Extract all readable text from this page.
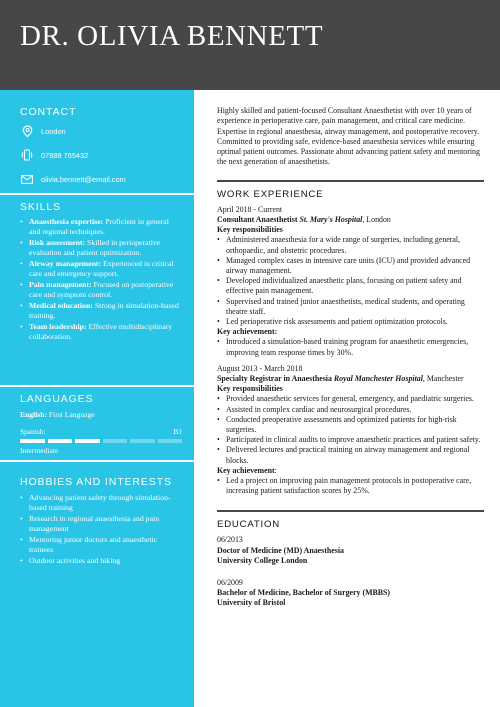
DR. OLIVIA BENNETT
CONTACT
London
07888 765432
olivia.bennett@email.com
SKILLS
• Anaesthesia expertise: Proficient in general and regional techniques.
• Risk assessment: Skilled in perioperative evaluation and patient optimization.
• Airway management: Experienced in critical care and emergency support.
• Pain management: Focused on postoperative care and symptom control.
• Medical education: Strong in simulation-based training.
• Team leadership: Effective multidisciplinary collaboration.
LANGUAGES
English: First Language
Spanish:	B1
Intermediate
HOBBIES AND INTERESTS
• Advancing patient safety through simulation-based training
• Research in regional anaesthesia and pain management
• Mentoring junior doctors and anaesthetic trainees
• Outdoor activities and hiking

Highly skilled and patient-focused Consultant Anaesthetist with over 10 years of experience in perioperative care, pain management, and critical care medicine. Expertise in regional anaesthesia, airway management, and postoperative recovery. Committed to providing safe, evidence-based anaesthesia services while ensuring optimal patient outcomes. Passionate about advancing patient safety and mentoring the next generation of anaesthetists.

WORK EXPERIENCE
April 2018 - Current
Consultant Anaesthetist St. Mary's Hospital, London
Key responsibilities
• Administered anaesthesia for a wide range of surgeries, including general, orthopaedic, and obstetric procedures.
• Managed complex cases in intensive care units (ICU) and provided advanced airway management.
• Developed individualized anaesthetic plans, focusing on patient safety and effective pain management.
• Supervised and trained junior anaesthetists, medical students, and operating theatre staff.
• Led perioperative risk assessments and patient optimization protocols.
Key achievement:
• Introduced a simulation-based training program for anaesthetic emergencies, improving team response times by 30%.
August 2013 - March 2018
Specialty Registrar in Anaesthesia Royal Manchester Hospital, Manchester
Key responsibilities
• Provided anaesthetic services for general, emergency, and paediatric surgeries.
• Assisted in complex cardiac and neurosurgical procedures.
• Conducted preoperative assessments and optimized patients for high-risk surgeries.
• Participated in clinical audits to improve anaesthetic practices and patient safety.
• Delivered lectures and practical training on airway management and regional blocks.
Key achievement:
• Led a project on improving pain management protocols in postoperative care, increasing patient satisfaction scores by 25%.
EDUCATION
06/2013
Doctor of Medicine (MD) Anaesthesia
University College London
06/2009
Bachelor of Medicine, Bachelor of Surgery (MBBS)
University of Bristol
